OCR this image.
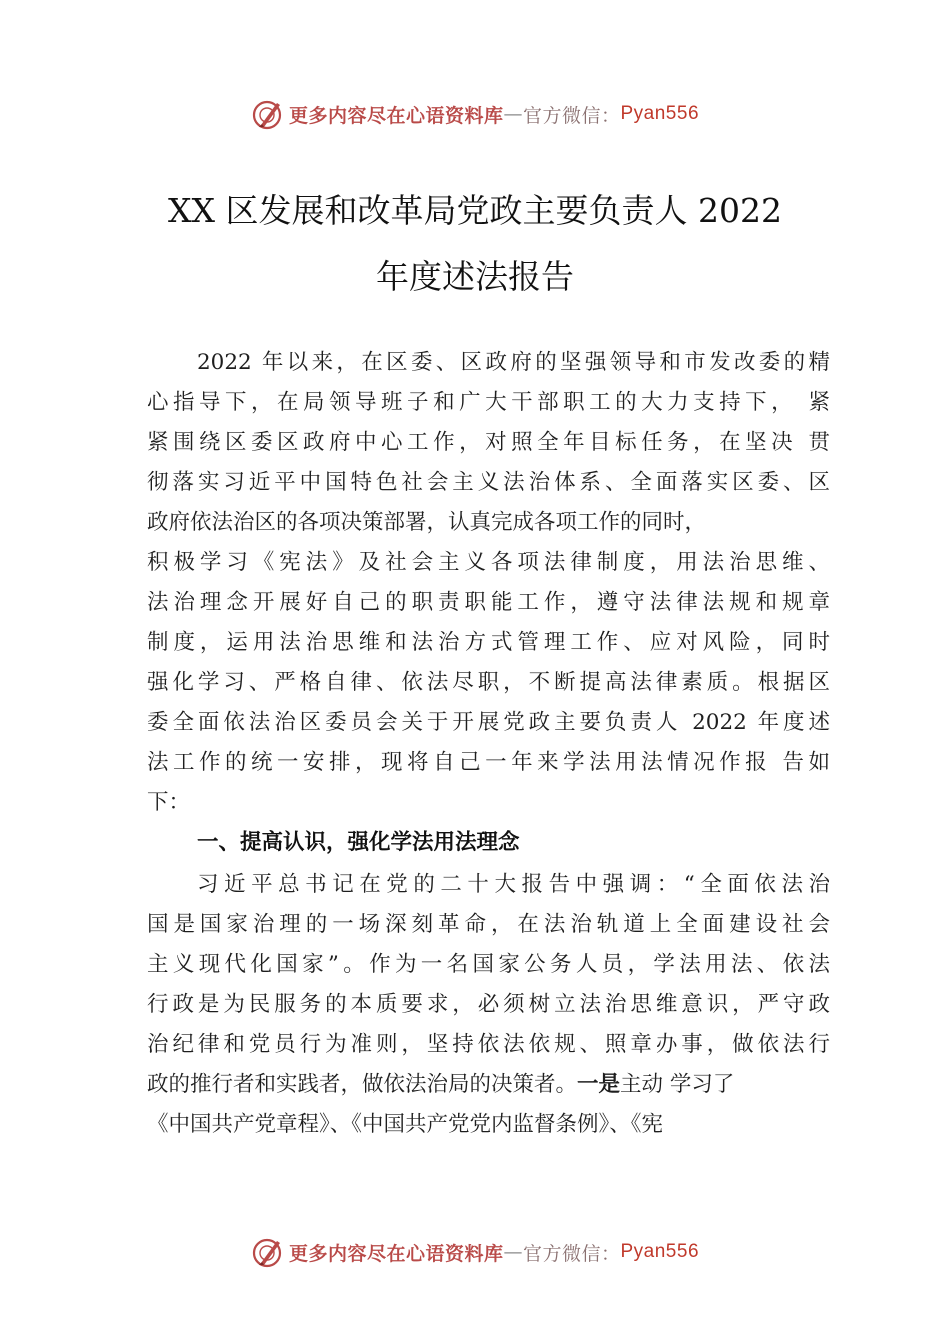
更多内容尽在心语资料库 — 官方微信： Pyan556
XX 区发展和改革局党政主要负责人 2022
年度述法报告
2022 年以来，在区委、区政府的坚强领导和市发改委的精
心指导下，在局领导班子和广大干部职工的大力支持下， 紧
紧围绕区委区政府中心工作，对照全年目标任务，在坚决 贯
彻落实习近平中国特色社会主义法治体系、全面落实区委、区
政府依法治区的各项决策部署，认真完成各项工作的同时，
积极学习《宪法》及社会主义各项法律制度，用法治思维、
法治理念开展好自己的职责职能工作，遵守法律法规和规章
制度，运用法治思维和法治方式管理工作、应对风险，同时
强化学习、严格自律、依法尽职，不断提高法律素质。根据区
委全面依法治区委员会关于开展党政主要负责人 2022 年度述
法工作的统一安排，现将自己一年来学法用法情况作报 告如
下：
一、提高认识，强化学法用法理念
习近平总书记在党的二十大报告中强调：“全面依法治
国是国家治理的一场深刻革命，在法治轨道上全面建设社会
主义现代化国家”。作为一名国家公务人员，学法用法、依法
行政是为民服务的本质要求，必须树立法治思维意识，严守政
治纪律和党员行为准则，坚持依法依规、照章办事，做依法行
政的推行者和实践者，做依法治局的决策者。一是主动 学习了
《中国共产党章程》、《中国共产党党内监督条例》、《宪
更多内容尽在心语资料库 — 官方微信： Pyan556
